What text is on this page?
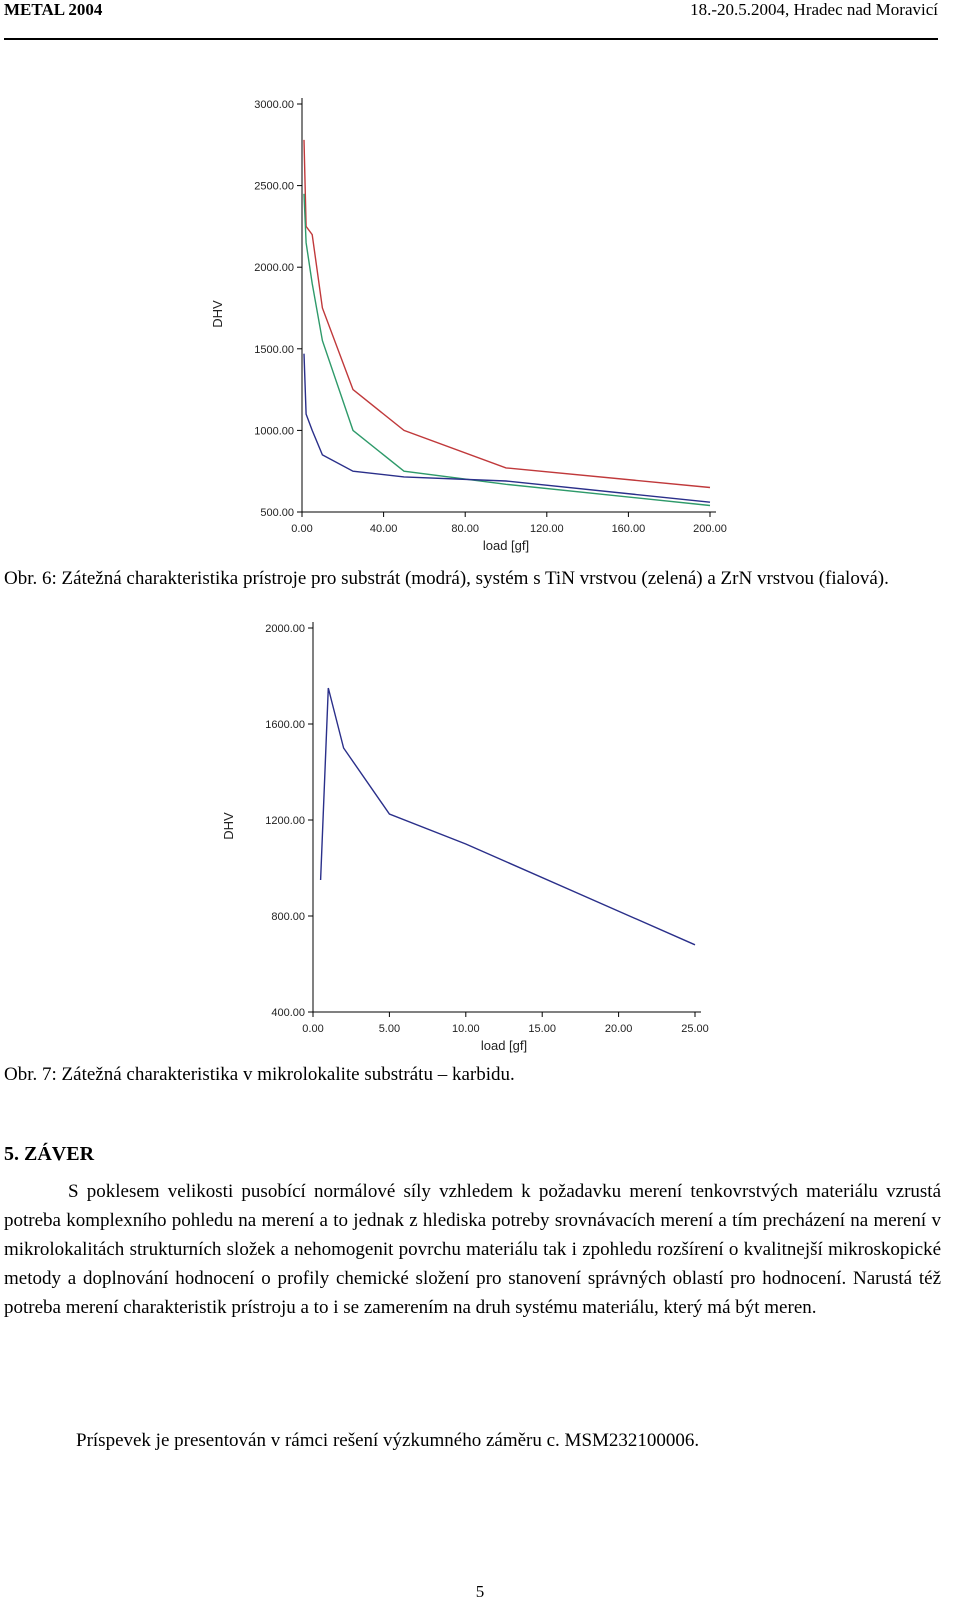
METAL 2004	18.-20.5.2004, Hradec nad Moravicí
0.00	40.00	80.00	120.00	160.00	200.00
500.00
1000.00
1500.00
2000.00
2500.00
3000.00
load [gf]
DHV
Obr. 6: Zátežná charakteristika prístroje pro substrát (modrá), systém s TiN vrstvou (zelená) a ZrN vrstvou (fialová).
0.00	5.00	10.00	15.00	20.00	25.00
400.00
800.00
1200.00
1600.00
2000.00
load [gf]
DHV
Obr. 7: Zátežná charakteristika v mikrolokalite substrátu – karbidu.
5. ZÁVER
S poklesem velikosti pusobící normálové síly vzhledem k požadavku merení tenkovrstvých materiálu vzrustá potreba komplexního pohledu na merení a to jednak z hlediska potreby srovnávacích merení a tím precházení na merení v mikrolokalitách strukturních složek a nehomogenit povrchu materiálu tak i zpohledu rozšírení o kvalitnejší mikroskopické metody a doplnování hodnocení o profily chemické složení pro stanovení správných oblastí pro hodnocení. Narustá též potreba merení charakteristik prístroju a to i se zamerením na druh systému materiálu, který má být meren.
Príspevek je presentován v rámci rešení výzkumného záměru c. MSM232100006.
5
